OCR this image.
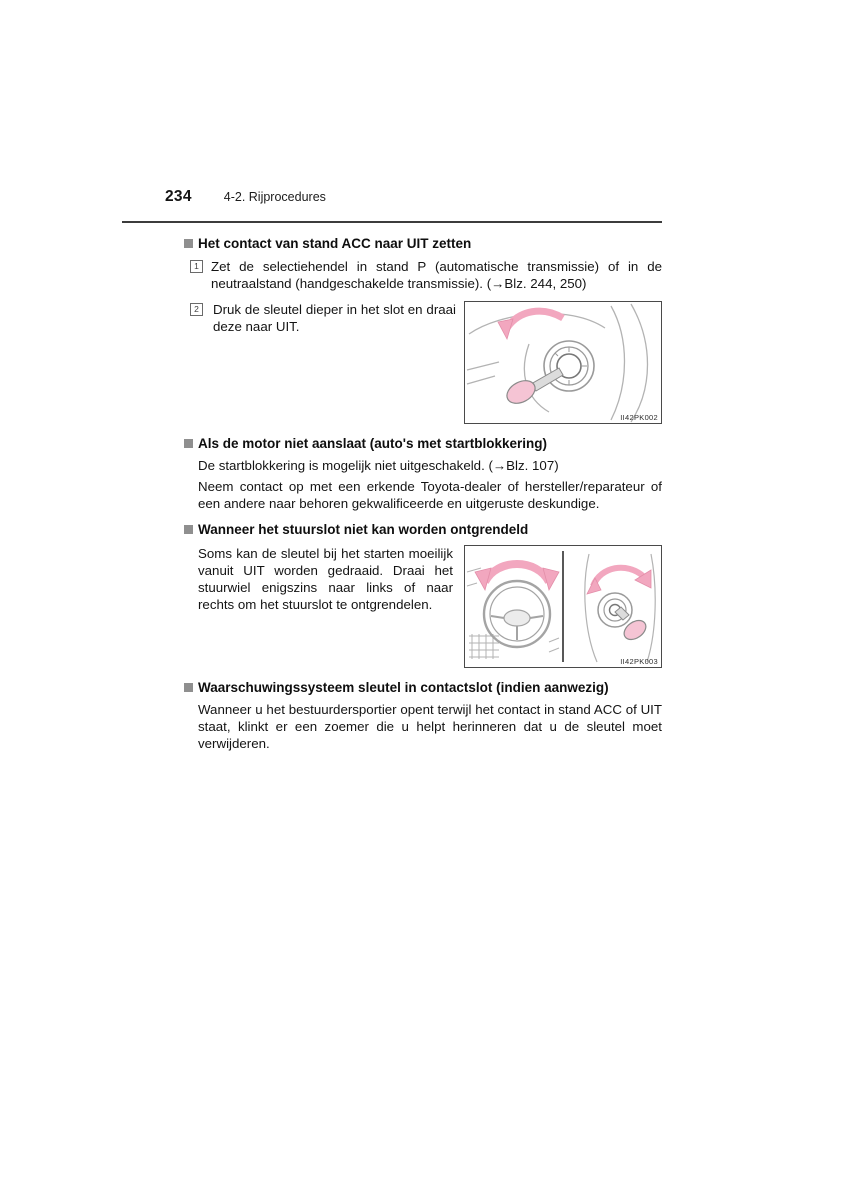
234	4-2. Rijprocedures
Het contact van stand ACC naar UIT zetten
1 Zet de selectiehendel in stand P (automatische transmissie) of in de neutraalstand (handgeschakelde transmissie). (→Blz. 244, 250)

2	Druk de sleutel dieper in het slot en draai deze naar UIT.

II42PK002
Als de motor niet aanslaat (auto's met startblokkering)

De startblokkering is mogelijk niet uitgeschakeld. (→Blz. 107)

Neem contact op met een erkende Toyota-dealer of hersteller/reparateur of een andere naar behoren gekwalificeerde en uitgeruste deskundige.

Wanneer het stuurslot niet kan worden ontgrendeld

Soms kan de sleutel bij het starten moeilijk vanuit UIT worden gedraaid. Draai het stuurwiel enigszins naar links of naar rechts om het stuurslot te ontgrendelen.

II42PK003
Waarschuwingssysteem sleutel in contactslot (indien aanwezig)

Wanneer u het bestuurdersportier opent terwijl het contact in stand ACC of UIT staat, klinkt er een zoemer die u helpt herinneren dat u de sleutel moet verwijderen.
